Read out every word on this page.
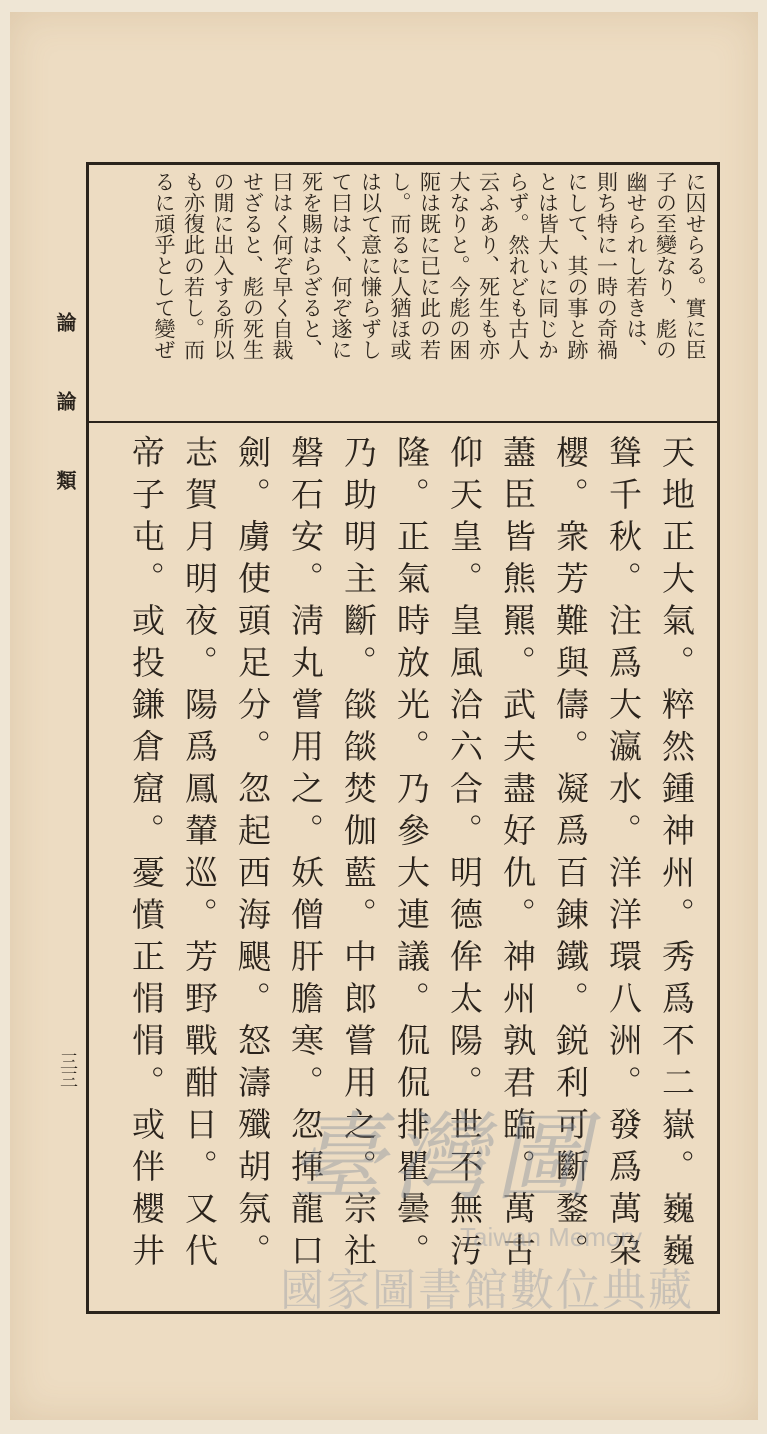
論 論 類
三三
に囚せらる。實に臣
子の至變なり、彪の
幽せられし若きは、
則ち特に一時の奇禍
にして、其の事と跡
とは皆大いに同じか
らず。然れども古人
云ふあり、死生も亦
大なりと。今彪の困
阨は既に已に此の若
し。而るに人猶ほ或
は以て意に慊らずし
て曰はく、何ぞ遂に
死を賜はらざると、
曰はく何ぞ早く自裁
せざると、彪の死生
の閒に出入する所以
も亦復此の若し。而
るに頑乎として變ぜ
天地正大氣。粹然鍾神州。秀爲不二嶽。巍巍
聳千秋。注爲大瀛水。洋洋環八洲。發爲萬朶
櫻。衆芳難與儔。凝爲百錬鐵。鋭利可斷鍪。
藎臣皆熊羆。武夫盡好仇。神州孰君臨。萬古
仰天皇。皇風洽六合。明德侔太陽。世不無汚
隆。正氣時放光。乃參大連議。侃侃排瞿曇。
乃助明主斷。燄燄焚伽藍。中郎嘗用之。宗社
磐石安。淸丸嘗用之。妖僧肝膽寒。忽揮龍口
劍。虜使頭足分。忽起西海颶。怒濤殲胡氛。
志賀月明夜。陽爲鳳輦巡。芳野戰酣日。又代
帝子屯。或投鎌倉窟。憂憤正悁悁。或伴櫻井	臺灣圖
Taiwan Memory
國家圖書館數位典藏
